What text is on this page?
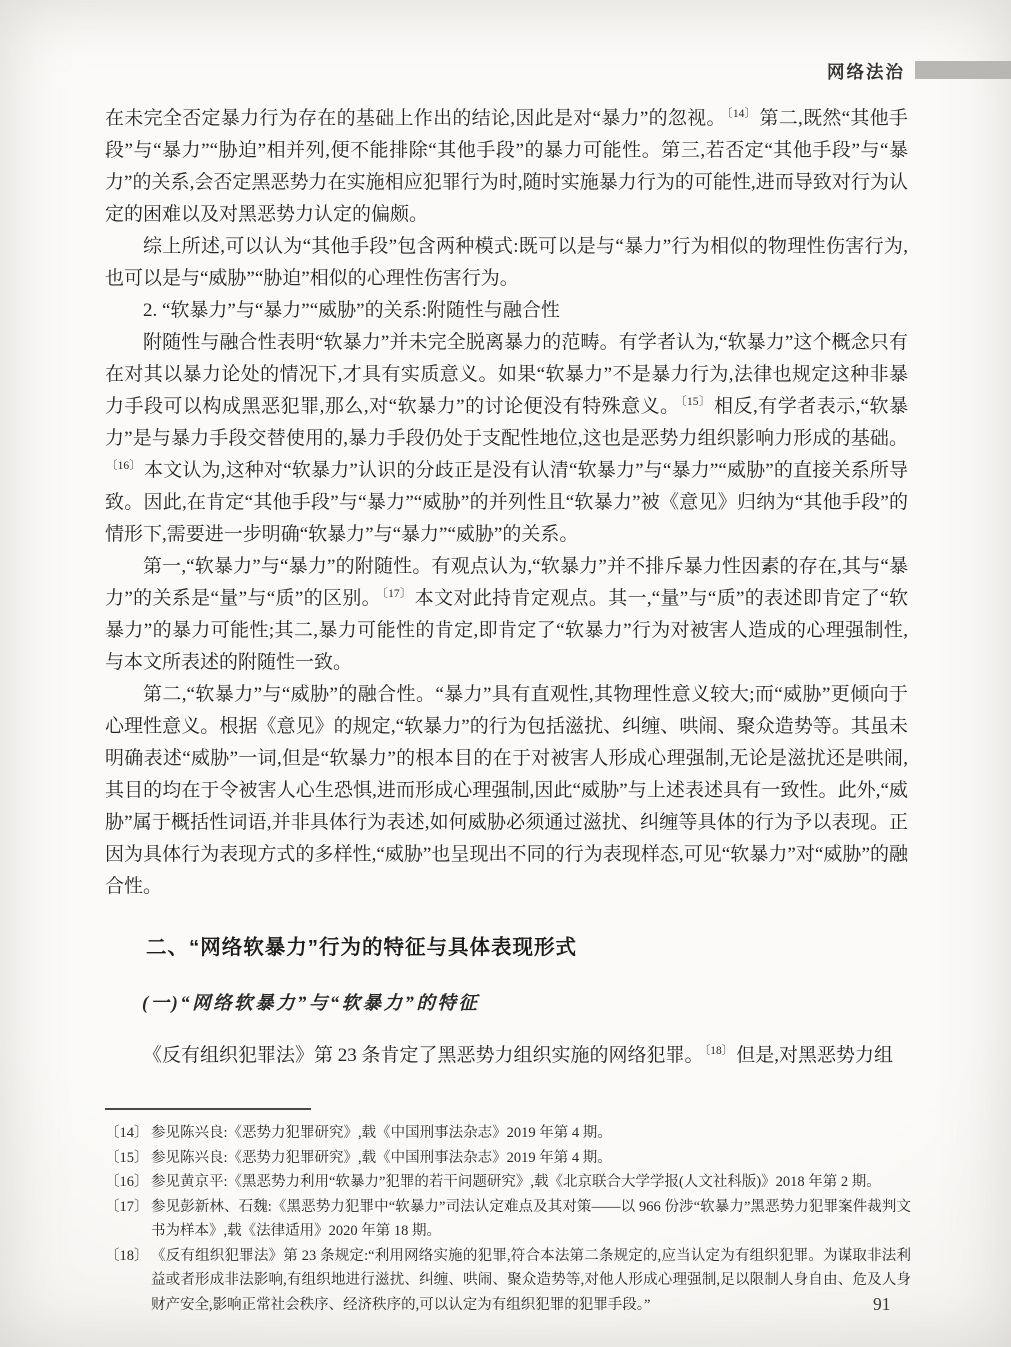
网络法治

在未完全否定暴力行为存在的基础上作出的结论,因此是对“暴力”的忽视。$^{〔14〕}$ 第二,既然“其他手段”与“暴力”“胁迫”相并列,便不能排除“其他手段”的暴力可能性。第三,若否定“其他手段”与“暴力”的关系,会否定黑恶势力在实施相应犯罪行为时,随时实施暴力行为的可能性,进而导致对行为认定的困难以及对黑恶势力认定的偏颇。

综上所述,可以认为“其他手段”包含两种模式:既可以是与“暴力”行为相似的物理性伤害行为,也可以是与“威胁”“胁迫”相似的心理性伤害行为。

2. “软暴力”与“暴力”“威胁”的关系:附随性与融合性

附随性与融合性表明“软暴力”并未完全脱离暴力的范畴。有学者认为,“软暴力”这个概念只有在对其以暴力论处的情况下,才具有实质意义。如果“软暴力”不是暴力行为,法律也规定这种非暴力手段可以构成黑恶犯罪,那么,对“软暴力”的讨论便没有特殊意义。$^{〔15〕}$ 相反,有学者表示,“软暴力”是与暴力手段交替使用的,暴力手段仍处于支配性地位,这也是恶势力组织影响力形成的基础。$^{〔16〕}$ 本文认为,这种对“软暴力”认识的分歧正是没有认清“软暴力”与“暴力”“威胁”的直接关系所导致。因此,在肯定“其他手段”与“暴力”“威胁”的并列性且“软暴力”被《意见》归纳为“其他手段”的情形下,需要进一步明确“软暴力”与“暴力”“威胁”的关系。

第一,“软暴力”与“暴力”的附随性。有观点认为,“软暴力”并不排斥暴力性因素的存在,其与“暴力”的关系是“量”与“质”的区别。$^{〔17〕}$ 本文对此持肯定观点。其一,“量”与“质”的表述即肯定了“软暴力”的暴力可能性;其二,暴力可能性的肯定,即肯定了“软暴力”行为对被害人造成的心理强制性,与本文所表述的附随性一致。

第二,“软暴力”与“威胁”的融合性。“暴力”具有直观性,其物理性意义较大;而“威胁”更倾向于心理性意义。根据《意见》的规定,“软暴力”的行为包括滋扰、纠缠、哄闹、聚众造势等。其虽未明确表述“威胁”一词,但是“软暴力”的根本目的在于对被害人形成心理强制,无论是滋扰还是哄闹,其目的均在于令被害人心生恐惧,进而形成心理强制,因此“威胁”与上述表述具有一致性。此外,“威胁”属于概括性词语,并非具体行为表述,如何威胁必须通过滋扰、纠缠等具体的行为予以表现。正因为具体行为表现方式的多样性,“威胁”也呈现出不同的行为表现样态,可见“软暴力”对“威胁”的融合性。

二、“网络软暴力”行为的特征与具体表现形式
(一)“网络软暴力”与“软暴力”的特征

《反有组织犯罪法》第 23 条肯定了黑恶势力组织实施的网络犯罪。$^{〔18〕}$ 但是,对黑恶势力组

〔14〕 参见陈兴良:《恶势力犯罪研究》,载《中国刑事法杂志》2019 年第 4 期。
〔15〕 参见陈兴良:《恶势力犯罪研究》,载《中国刑事法杂志》2019 年第 4 期。
〔16〕 参见黄京平:《黑恶势力利用“软暴力”犯罪的若干问题研究》,载《北京联合大学学报(人文社科版)》2018 年第 2 期。
〔17〕 参见彭新林、石魏:《黑恶势力犯罪中“软暴力”司法认定难点及其对策——以 966 份涉“软暴力”黑恶势力犯罪案件裁判文书为样本》,载《法律适用》2020 年第 18 期。
〔18〕 《反有组织犯罪法》第 23 条规定:“利用网络实施的犯罪,符合本法第二条规定的,应当认定为有组织犯罪。为谋取非法利益或者形成非法影响,有组织地进行滋扰、纠缠、哄闹、聚众造势等,对他人形成心理强制,足以限制人身自由、危及人身财产安全,影响正常社会秩序、经济秩序的,可以认定为有组织犯罪的犯罪手段。”	91
